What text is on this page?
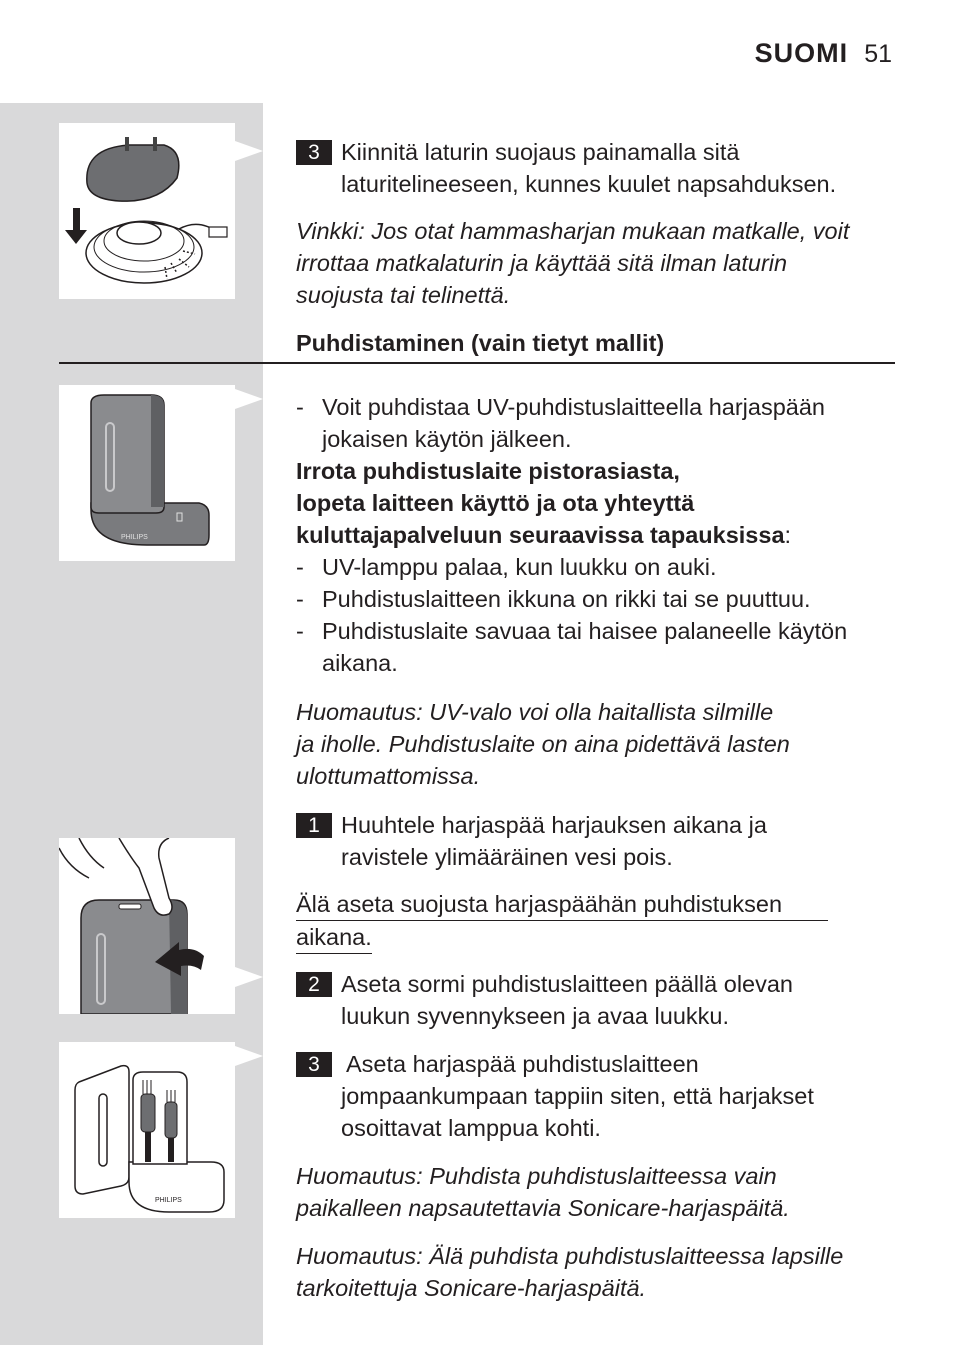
SUOMI 51
3 Kiinnitä laturin suojaus painamalla sitä
laturitelineeseen, kunnes kuulet napsahduksen.
Vinkki: Jos otat hammasharjan mukaan matkalle, voit
irrottaa matkalaturin ja käyttää sitä ilman laturin
suojusta tai telinettä.
Puhdistaminen (vain tietyt mallit)
PHILIPS
- Voit puhdistaa UV-puhdistuslaitteella harjaspään
jokaisen käytön jälkeen.
Irrota puhdistuslaite pistorasiasta,
lopeta laitteen käyttö ja ota yhteyttä
kuluttajapalveluun seuraavissa tapauksissa:
- UV-lamppu palaa, kun luukku on auki.
- Puhdistuslaitteen ikkuna on rikki tai se puuttuu.
- Puhdistuslaite savuaa tai haisee palaneelle käytön
aikana.
Huomautus: UV-valo voi olla haitallista silmille
ja iholle. Puhdistuslaite on aina pidettävä lasten
ulottumattomissa.
1 Huuhtele harjaspää harjauksen aikana ja
ravistele ylimääräinen vesi pois.
Älä aseta suojusta harjaspäähän puhdistuksen aikana.
2 Aseta sormi puhdistuslaitteen päällä olevan
luukun syvennykseen ja avaa luukku.
PHILIPS
3	Aseta harjaspää puhdistuslaitteen
jompaankumpaan tappiin siten, että harjakset
osoittavat lamppua kohti.
Huomautus: Puhdista puhdistuslaitteessa vain
paikalleen napsautettavia Sonicare-harjaspäitä.
Huomautus: Älä puhdista puhdistuslaitteessa lapsille
tarkoitettuja Sonicare-harjaspäitä.
